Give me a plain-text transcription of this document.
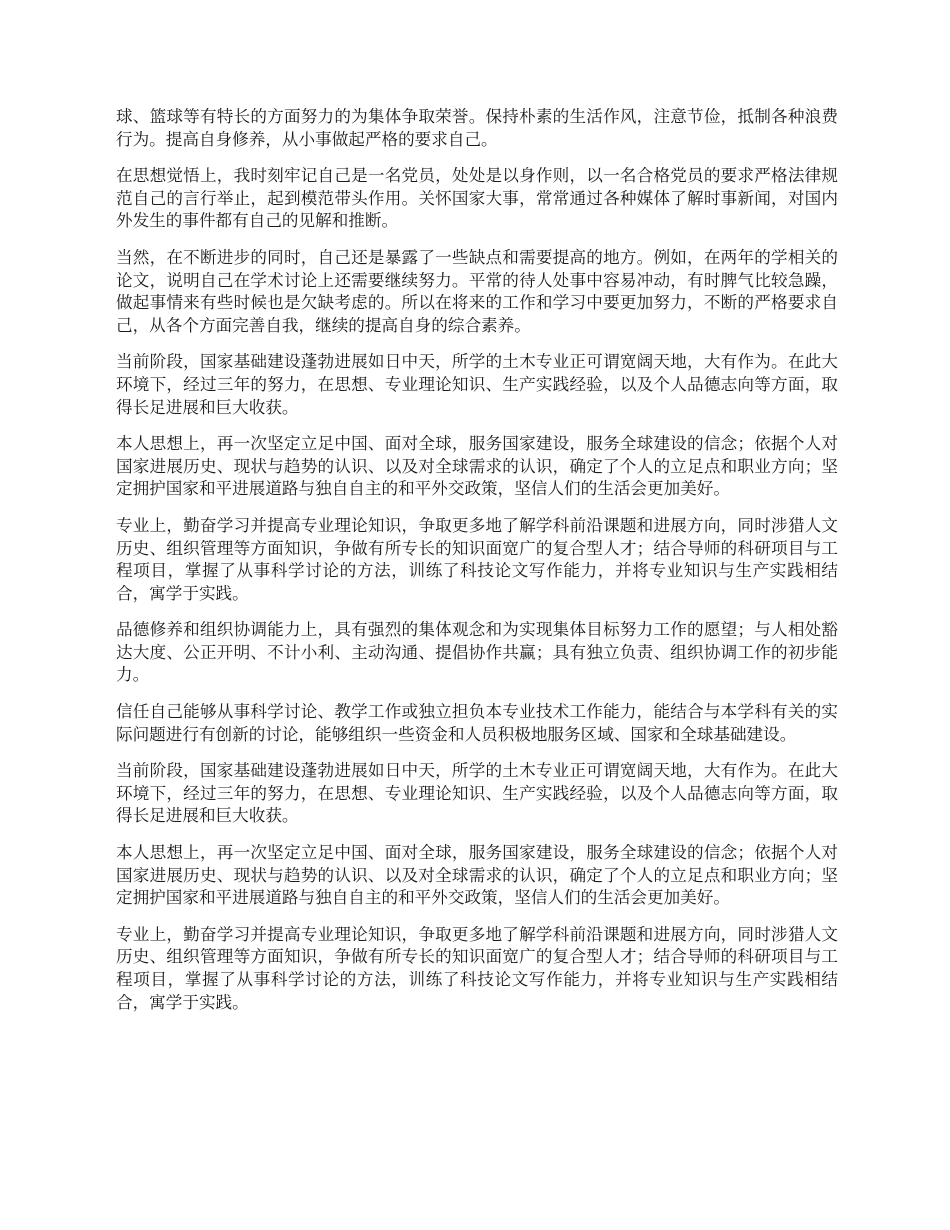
球、篮球等有特长的方面努力的为集体争取荣誉。保持朴素的生活作风，注意节俭，抵制各种浪费行为。提高自身修养，从小事做起严格的要求自己。

在思想觉悟上，我时刻牢记自己是一名党员，处处是以身作则，以一名合格党员的要求严格法律规范自己的言行举止，起到模范带头作用。关怀国家大事，常常通过各种媒体了解时事新闻，对国内外发生的事件都有自己的见解和推断。

当然，在不断进步的同时，自己还是暴露了一些缺点和需要提高的地方。例如，在两年的学相关的论文，说明自己在学术讨论上还需要继续努力。平常的待人处事中容易冲动，有时脾气比较急躁，做起事情来有些时候也是欠缺考虑的。所以在将来的工作和学习中要更加努力，不断的严格要求自己，从各个方面完善自我，继续的提高自身的综合素养。

当前阶段，国家基础建设蓬勃进展如日中天，所学的土木专业正可谓宽阔天地，大有作为。在此大环境下，经过三年的努力，在思想、专业理论知识、生产实践经验，以及个人品德志向等方面，取得长足进展和巨大收获。

本人思想上，再一次坚定立足中国、面对全球，服务国家建设，服务全球建设的信念；依据个人对国家进展历史、现状与趋势的认识、以及对全球需求的认识，确定了个人的立足点和职业方向；坚定拥护国家和平进展道路与独自自主的和平外交政策，坚信人们的生活会更加美好。

专业上，勤奋学习并提高专业理论知识，争取更多地了解学科前沿课题和进展方向，同时涉猎人文历史、组织管理等方面知识，争做有所专长的知识面宽广的复合型人才；结合导师的科研项目与工程项目，掌握了从事科学讨论的方法，训练了科技论文写作能力，并将专业知识与生产实践相结合，寓学于实践。

品德修养和组织协调能力上，具有强烈的集体观念和为实现集体目标努力工作的愿望；与人相处豁达大度、公正开明、不计小利、主动沟通、提倡协作共赢；具有独立负责、组织协调工作的初步能力。

信任自己能够从事科学讨论、教学工作或独立担负本专业技术工作能力，能结合与本学科有关的实际问题进行有创新的讨论，能够组织一些资金和人员积极地服务区域、国家和全球基础建设。

当前阶段，国家基础建设蓬勃进展如日中天，所学的土木专业正可谓宽阔天地，大有作为。在此大环境下，经过三年的努力，在思想、专业理论知识、生产实践经验，以及个人品德志向等方面，取得长足进展和巨大收获。

本人思想上，再一次坚定立足中国、面对全球，服务国家建设，服务全球建设的信念；依据个人对国家进展历史、现状与趋势的认识、以及对全球需求的认识，确定了个人的立足点和职业方向；坚定拥护国家和平进展道路与独自自主的和平外交政策，坚信人们的生活会更加美好。

专业上，勤奋学习并提高专业理论知识，争取更多地了解学科前沿课题和进展方向，同时涉猎人文历史、组织管理等方面知识，争做有所专长的知识面宽广的复合型人才；结合导师的科研项目与工程项目，掌握了从事科学讨论的方法，训练了科技论文写作能力，并将专业知识与生产实践相结合，寓学于实践。
